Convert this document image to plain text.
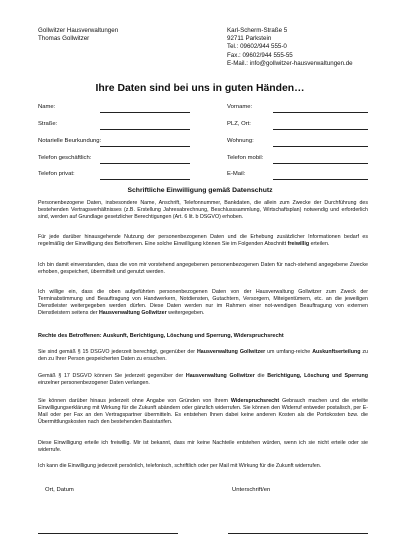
Gollwitzer Hausverwaltungen
Thomas Gollwitzer
Karl-Scherm-Straße 5
92711 Parkstein
Tel.: 09602/944 555-0
Fax.: 09602/944 555-55
E-Mail.: info@gollwitzer-hausverwaltungen.de
Ihre Daten sind bei uns in guten Händen…
Name:
Straße:
Notarielle Beurkundung:
Telefon geschäftlich:
Telefon privat:
Vorname:
PLZ, Ort:
Wohnung:
Telefon mobil:
E-Mail:
Schriftliche Einwilligung gemäß Datenschutz
Personenbezogene Daten, insbesondere Name, Anschrift, Telefonnummer, Bankdaten, die allein zum Zwecke der Durchführung des bestehenden Vertragsverhältnisses (z.B. Erstellung Jahresabrechnung, Beschlusssammlung, Wirtschaftsplan) notwendig und erforderlich sind, werden auf Grundlage gesetzlicher Berechtigungen (Art. 6 lit. b DSGVO) erhoben.
Für jede darüber hinausgehende Nutzung der personenbezogenen Daten und die Erhebung zusätzlicher Informationen bedarf es regelmäßig der Einwilligung des Betroffenen. Eine solche Einwilligung können Sie im Folgenden Abschnitt freiwillig erteilen.
Ich bin damit einverstanden, dass die von mir vorstehend angegebenen personenbezogenen Daten für nach-stehend angegebene Zwecke erhoben, gespeichert, übermittelt und genutzt werden.
Ich willige ein, dass die oben aufgeführten personenbezogenen Daten von der Hausverwaltung Gollwitzer zum Zweck der Terminabstimmung und Beauftragung von Handwerkern, Notdiensten, Gutachtern, Versorgern, Miteigentümern, etc. an die jeweiligen Dienstleister weitergegeben werden dürfen. Diese Daten werden nur im Rahmen einer not-wendigen Beauftragung von externen Dienstleistern seitens der Hausverwaltung Gollwitzer weitergegeben.
Rechte des Betroffenen: Auskunft, Berichtigung, Löschung und Sperrung, Widerspruchsrecht
Sie sind gemäß § 15 DSGVO jederzeit berechtigt, gegenüber der Hausverwaltung Gollwitzer um umfang-reiche Auskunftserteilung zu den zu Ihrer Person gespeicherten Daten zu ersuchen.
Gemäß § 17 DSGVO können Sie jederzeit gegenüber der Hausverwaltung Gollwitzer die Berichtigung, Löschung und Sperrung einzelner personenbezogener Daten verlangen.
Sie können darüber hinaus jederzeit ohne Angabe von Gründen von Ihrem Widerspruchsrecht Gebrauch machen und die erteilte Einwilligungserklärung mit Wirkung für die Zukunft abändern oder gänzlich widerrufen. Sie können den Widerruf entweder postalisch, per E-Mail oder per Fax an den Vertragspartner übermitteln. Es entstehen Ihnen dabei keine anderen Kosten als die Portokosten bzw. die Übermittlungskosten nach den bestehenden Basistarifen.
Diese Einwilligung erteile ich freiwillig. Mir ist bekannt, dass mir keine Nachteile entstehen würden, wenn ich sie nicht erteile oder sie widerrufe.
Ich kann die Einwilligung jederzeit persönlich, telefonisch, schriftlich oder per Mail mit Wirkung für die Zukunft widerrufen.
Ort, Datum	Unterschrift/en
